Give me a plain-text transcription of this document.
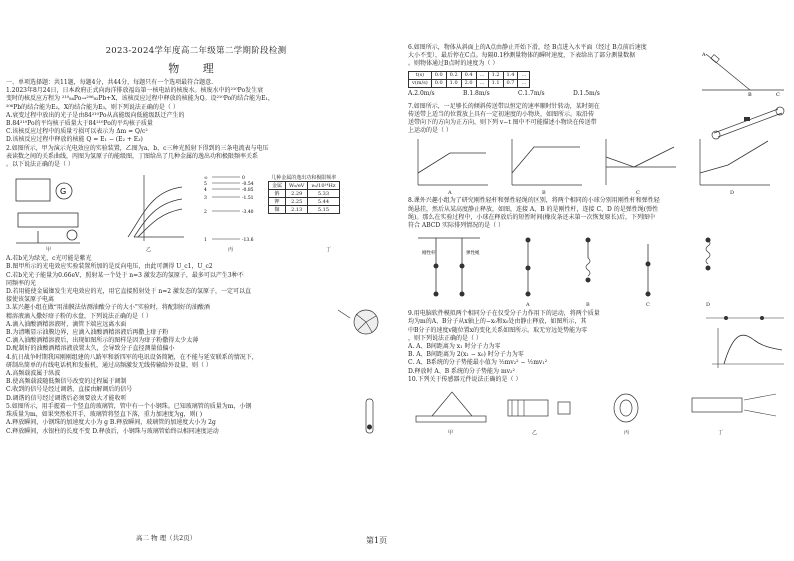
2023-2024学年度高二年级第二学期阶段检测
物 理
一、单项选择题：共11题，每题4分，共44分，每题只有一个选项最符合题意.
1.2023年8月24日，日本政府正式向海洋排放福岛第一核电站的核废水。核废水中的²¹⁰Po发生衰
变时的核反应方程为 ²¹⁰₈₄Po→²⁰⁶₈₂Pb+X，该核反应过程中释放的核能为Q。设²¹⁰Po的结合能为E₁，
²⁰⁶Pb的结合能为E₂，X的结合能为E₃，则下列说法正确的是（ ）
A.衰变过程中放出的光子是由84²¹⁰Po从高能级向低能级跃迁产生的
B.84²¹⁰Po的平均核子质量大于84²¹⁰Po的平均核子质量
C.该核反应过程中的质量亏损可以表示为 Δm = Q/c²
D.该核反应过程中释放的核能 Q = E₁ − (E₂ + E₃)
2.如图所示，甲为演示光电效应的实验装置，乙图为a、b、c三种光照射下得到的三条电流表与电压
表读数之间的关系曲线，丙图为氢原子的能级图，丁图给出了几种金属的逸出功和极限频率关系
。以下说法正确的是（ ）
G
∞
5
4
3
2
1
0
-0.54
-0.85
-1.51
-3.40
-13.6
几种金属的逸出功和极限频率
金属	W₀/eV	ν₀/10¹⁴Hz
钠	2.29	5.33
钾	2.25	5.44
铷	2.13	5.15
甲	乙	丙	丁
A.若b光为绿光，c光可能是紫光
B.图甲所示的光电效应实验装置所加的是反向电压，由此可测得 U_c1，U_c2
C.若b光光子能量为0.66eV，照射某一个处于 n=3 激发态的氢原子，最多可以产生3种不
同频率的光
D.若用能使金属铷发生光电效应的光，用它直接照射处于 n=2 激发态的氢原子，一定可以直
接使该氢原子电离
3.某兴趣小组在做“用油膜法估测油酸分子的大小”实验时，将配制好的油酸酒
精溶液滴入撒好痱子粉的水盘，下列说法正确的是（ ）
A.滴入油酸酒精溶液时，滴管下端应远离水面
B.为清晰显示油膜边界，应滴入油酸酒精溶液后再撒上痱子粉
C.滴入油酸酒精溶液后，出现如图所示的图样是因为痱子粉撒得太少太薄
D.配制好的油酸酒精溶液放置太久，会导致分子直径测量值偏小
4.抗日战争时期我国刚刚组建的八路军和新四军的电讯设备简陋，在不能与延安联系的情况下，
研制出简单的有线电话机和发报机，通过高频激发无线传输给外设量，则（ ）
A.高频载波属于纵波
B.使高频载波随低频信号改变的过程属于调制
C.收到的信号是经过调谐，直接由解调后的信号
D.调谐的信号经过调谐后必须要放大才能收听
5.如图所示，用手握着一个竖直的玻璃管，管中有一个小钢珠。已知玻璃管的质量为m，小钢
珠质量为m，如果突然松开手，玻璃管将竖直下落，重力加速度为g，则( )
A.释放瞬间，小钢珠的加速度大小为 g B.释放瞬间，玻璃管的加速度大小为 2g
C.释放瞬间，水银柱的长度不变 D.释放后，小钢珠与玻璃管始终以相同速度运动
高二 物 理（共2页）
6.如图所示，物体从斜面上的A点由静止开始下滑，经 B点进入水平面（经过 B点前后速度
大小不变），最后停在C点。每隔0.1秒测量物体的瞬时速度，下表给出了部分测量数据
。则物体通过B点时的速度为（ ）
t(s)	0.0	0.2	0.4	…	1.2	1.4	…
v(m/s)	0.0	1.0	2.0	…	1.1	0.7	…
A.2.0m/s	B.1.8m/s	C.1.7m/s	D.1.5m/s
A
B	C
7.如图所示，一足够长的倾斜传送带以恒定的速率顺时针转动，某时刻在
传送带上适当的位置放上具有一定初速度的小物块，如图所示。取沿传
送带向下的方向为正方向，则下列 v−t 图中不可能描述小物块在传送带
上运动的是（ ）
A	B	C	D
8.课外兴趣小组为了研究刚性轻杆和弹性轻绳的区别，将两个相同的小球分别用刚性杆和弹性轻
绳悬挂，然后从某高度静止释放，如图，连接 A、B 的是刚性杆，连接 C、D 的是弹性绳(弹性
绳)。那么在实验过程中，小球在释放后的短暂时间(橡皮条还未第一次恢复原长)后，下列图中
符合 ABCD 实际排列情况的是（ ）
刚性杆	弹性绳
A	B	C	D
9.用电脑软件模拟两个相同分子在仅受分子力作用下的运动，将两个质量
均为m的A、B分子从x轴上的−x₀和x₀处由静止释放，如图所示，其
中B分子的速度v随位置x的变化关系如图所示。取无穷远处势能为零
，则下列说法正确的是（ ）
A. A、B间距离为 x₁ 时分子力为零
B. A、B间距离为 2(x₁ − x₀) 时分子力为零
C. A、B系统的分子势能最小值为 ½mv₂² − ½mv₁²
D.释放时 A、B 系统的分子势能为 mv₂²
10.下列关于传感器元件说法正确的是（ ）
甲	乙	丙	丁
第1页
